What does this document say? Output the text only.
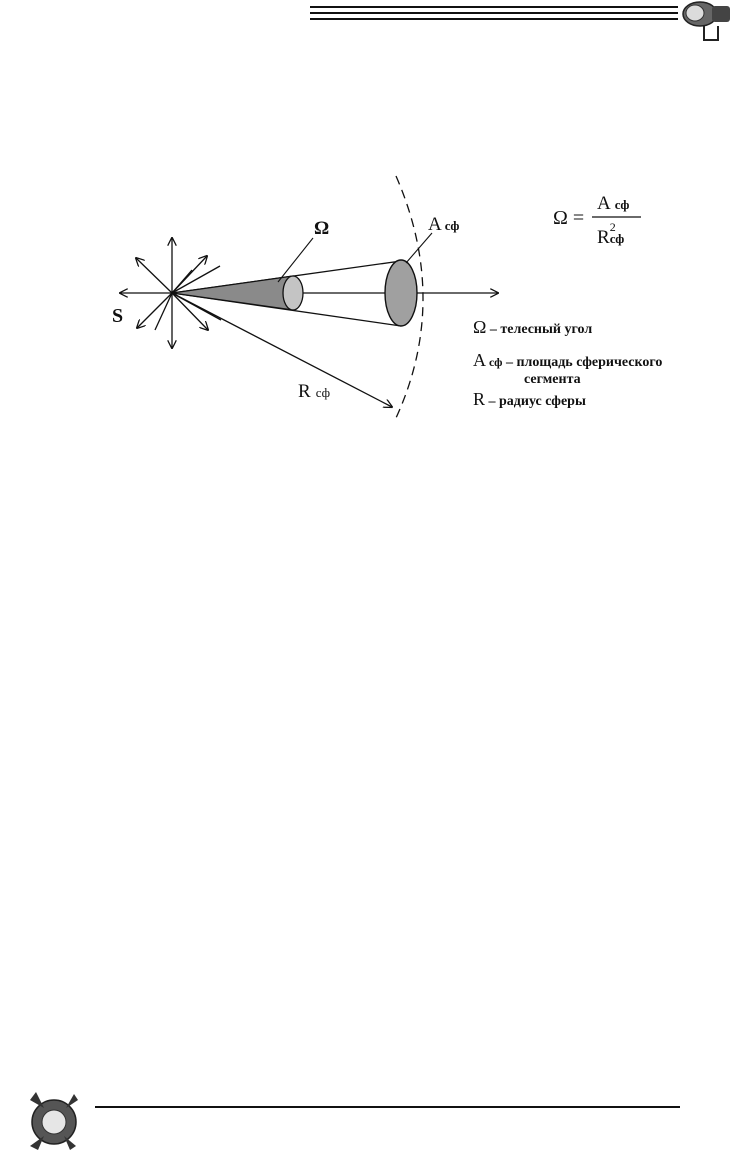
S
Ω	A сф
R сф
Ω =
A сф
$R^2$ сф
Ω – телесный угол
A сф – площадь сферического
сегмента
R – радиус сферы
